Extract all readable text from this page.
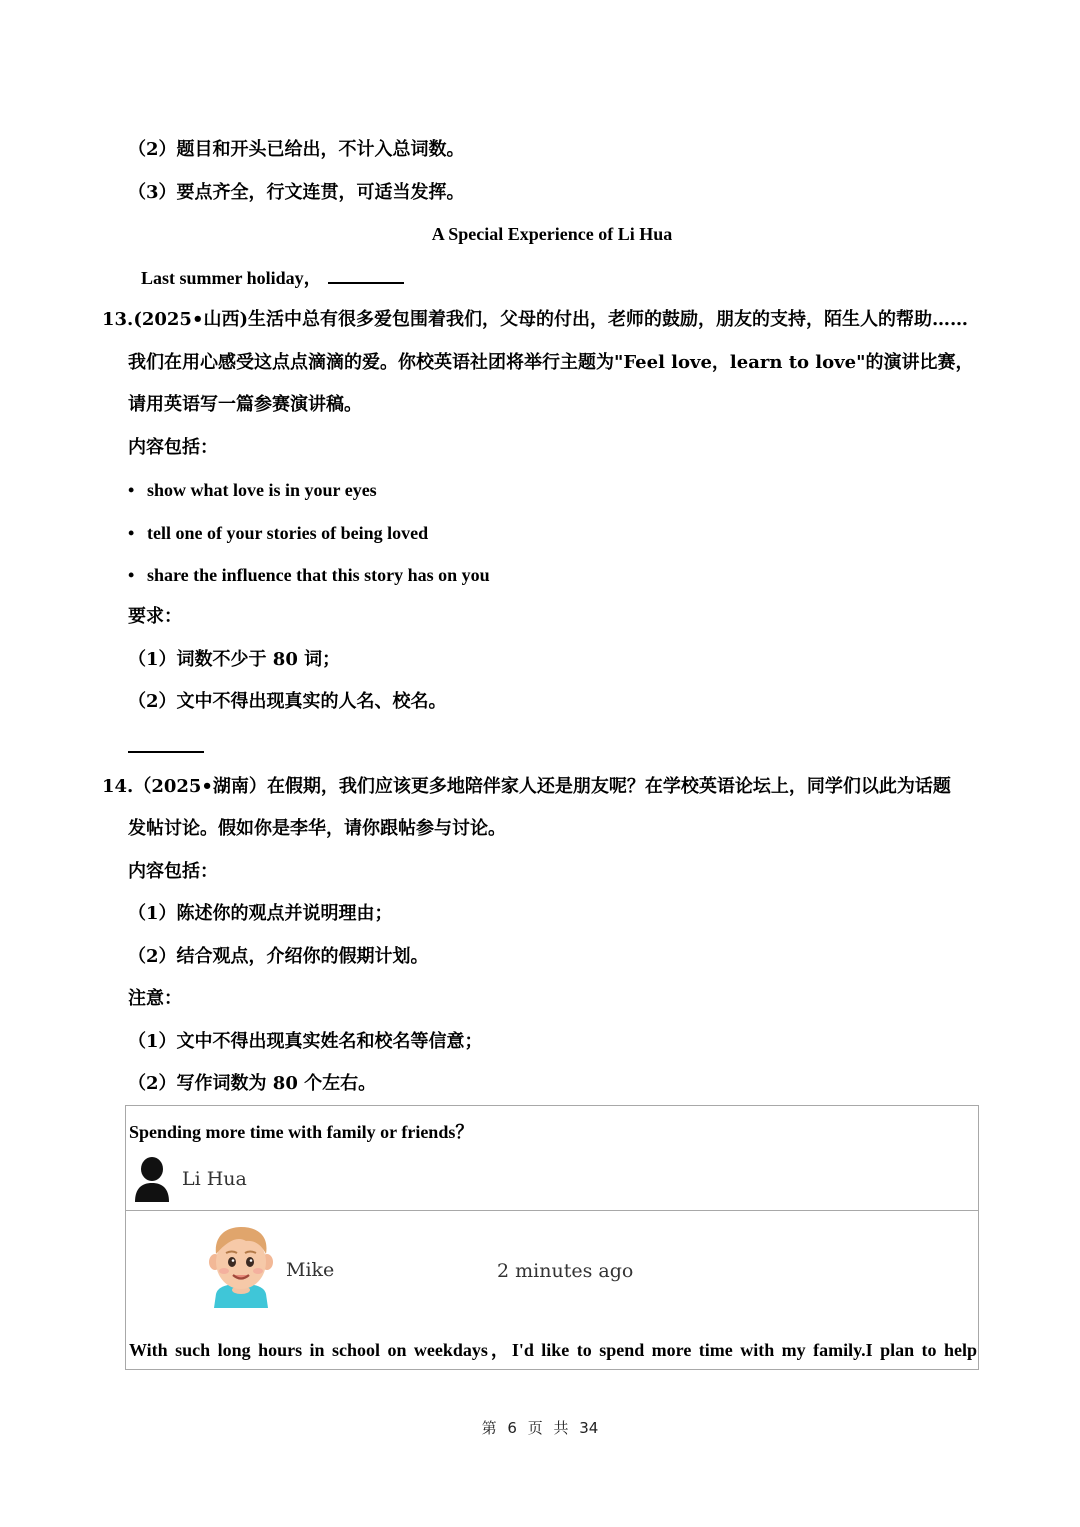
（2）题目和开头已给出，不计入总词数。
（3）要点齐全，行文连贯，可适当发挥。
A Special Experience of Li Hua
Last summer holiday，
13.(2025•山西)生活中总有很多爱包围着我们，父母的付出，老师的鼓励，朋友的支持，陌生人的帮助……
我们在用心感受这点点滴滴的爱。你校英语社团将举行主题为"Feel love，learn to love"的演讲比赛，
请用英语写一篇参赛演讲稿。
内容包括：
• show what love is in your eyes
• tell one of your stories of being loved
• share the influence that this story has on you
要求：
（1）词数不少于 80 词；
（2）文中不得出现真实的人名、校名。
14.（2025•湖南）在假期，我们应该更多地陪伴家人还是朋友呢？在学校英语论坛上，同学们以此为话题
发帖讨论。假如你是李华，请你跟帖参与讨论。
内容包括：
（1）陈述你的观点并说明理由；
（2）结合观点，介绍你的假期计划。
注意：
（1）文中不得出现真实姓名和校名等信意；
（2）写作词数为 80 个左右。
Spending more time with family or friends？
Li Hua
Mike	2 minutes ago
With such long hours in school on weekdays，I'd like to spend more time with my family.I plan to help
第 6 页 共 34
